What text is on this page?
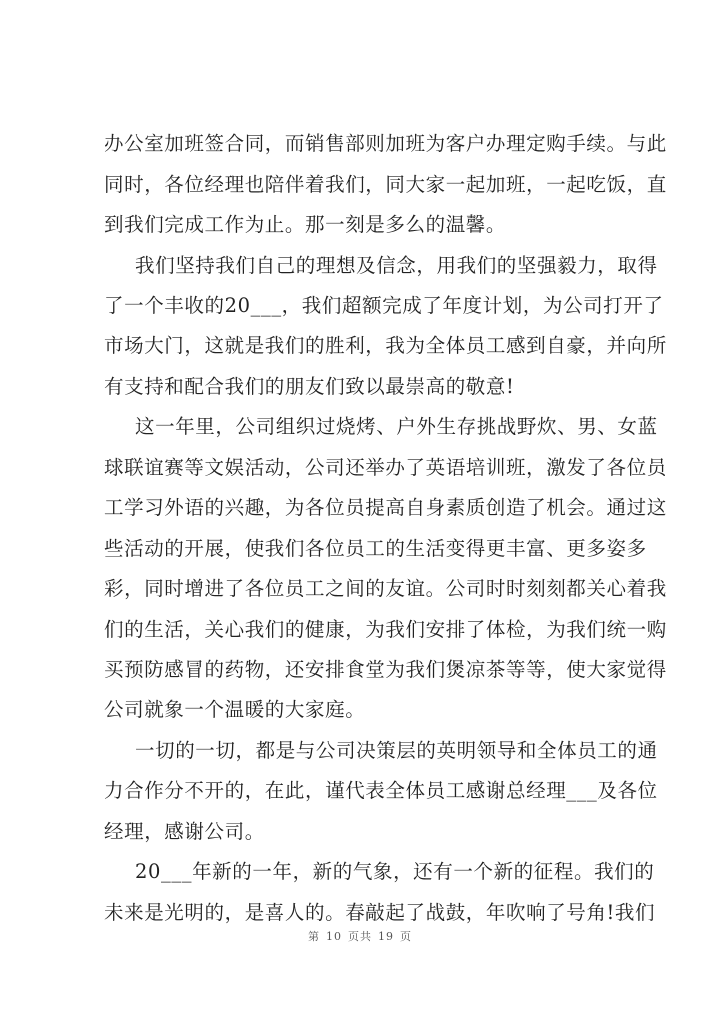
办公室加班签合同，而销售部则加班为客户办理定购手续。与此
同时，各位经理也陪伴着我们，同大家一起加班，一起吃饭，直
到我们完成工作为止。那一刻是多么的温馨。
我们坚持我们自己的理想及信念，用我们的坚强毅力，取得
了一个丰收的20___，我们超额完成了年度计划，为公司打开了
市场大门，这就是我们的胜利，我为全体员工感到自豪，并向所
有支持和配合我们的朋友们致以最崇高的敬意!
这一年里，公司组织过烧烤、户外生存挑战野炊、男、女蓝
球联谊赛等文娱活动，公司还举办了英语培训班，激发了各位员
工学习外语的兴趣，为各位员提高自身素质创造了机会。通过这
些活动的开展，使我们各位员工的生活变得更丰富、更多姿多
彩，同时增进了各位员工之间的友谊。公司时时刻刻都关心着我
们的生活，关心我们的健康，为我们安排了体检，为我们统一购
买预防感冒的药物，还安排食堂为我们煲凉茶等等，使大家觉得
公司就象一个温暖的大家庭。
一切的一切，都是与公司决策层的英明领导和全体员工的通
力合作分不开的，在此，谨代表全体员工感谢总经理___及各位
经理，感谢公司。
20___年新的一年，新的气象，还有一个新的征程。我们的
未来是光明的，是喜人的。春敲起了战鼓，年吹响了号角!我们
第 10 页共 19 页
